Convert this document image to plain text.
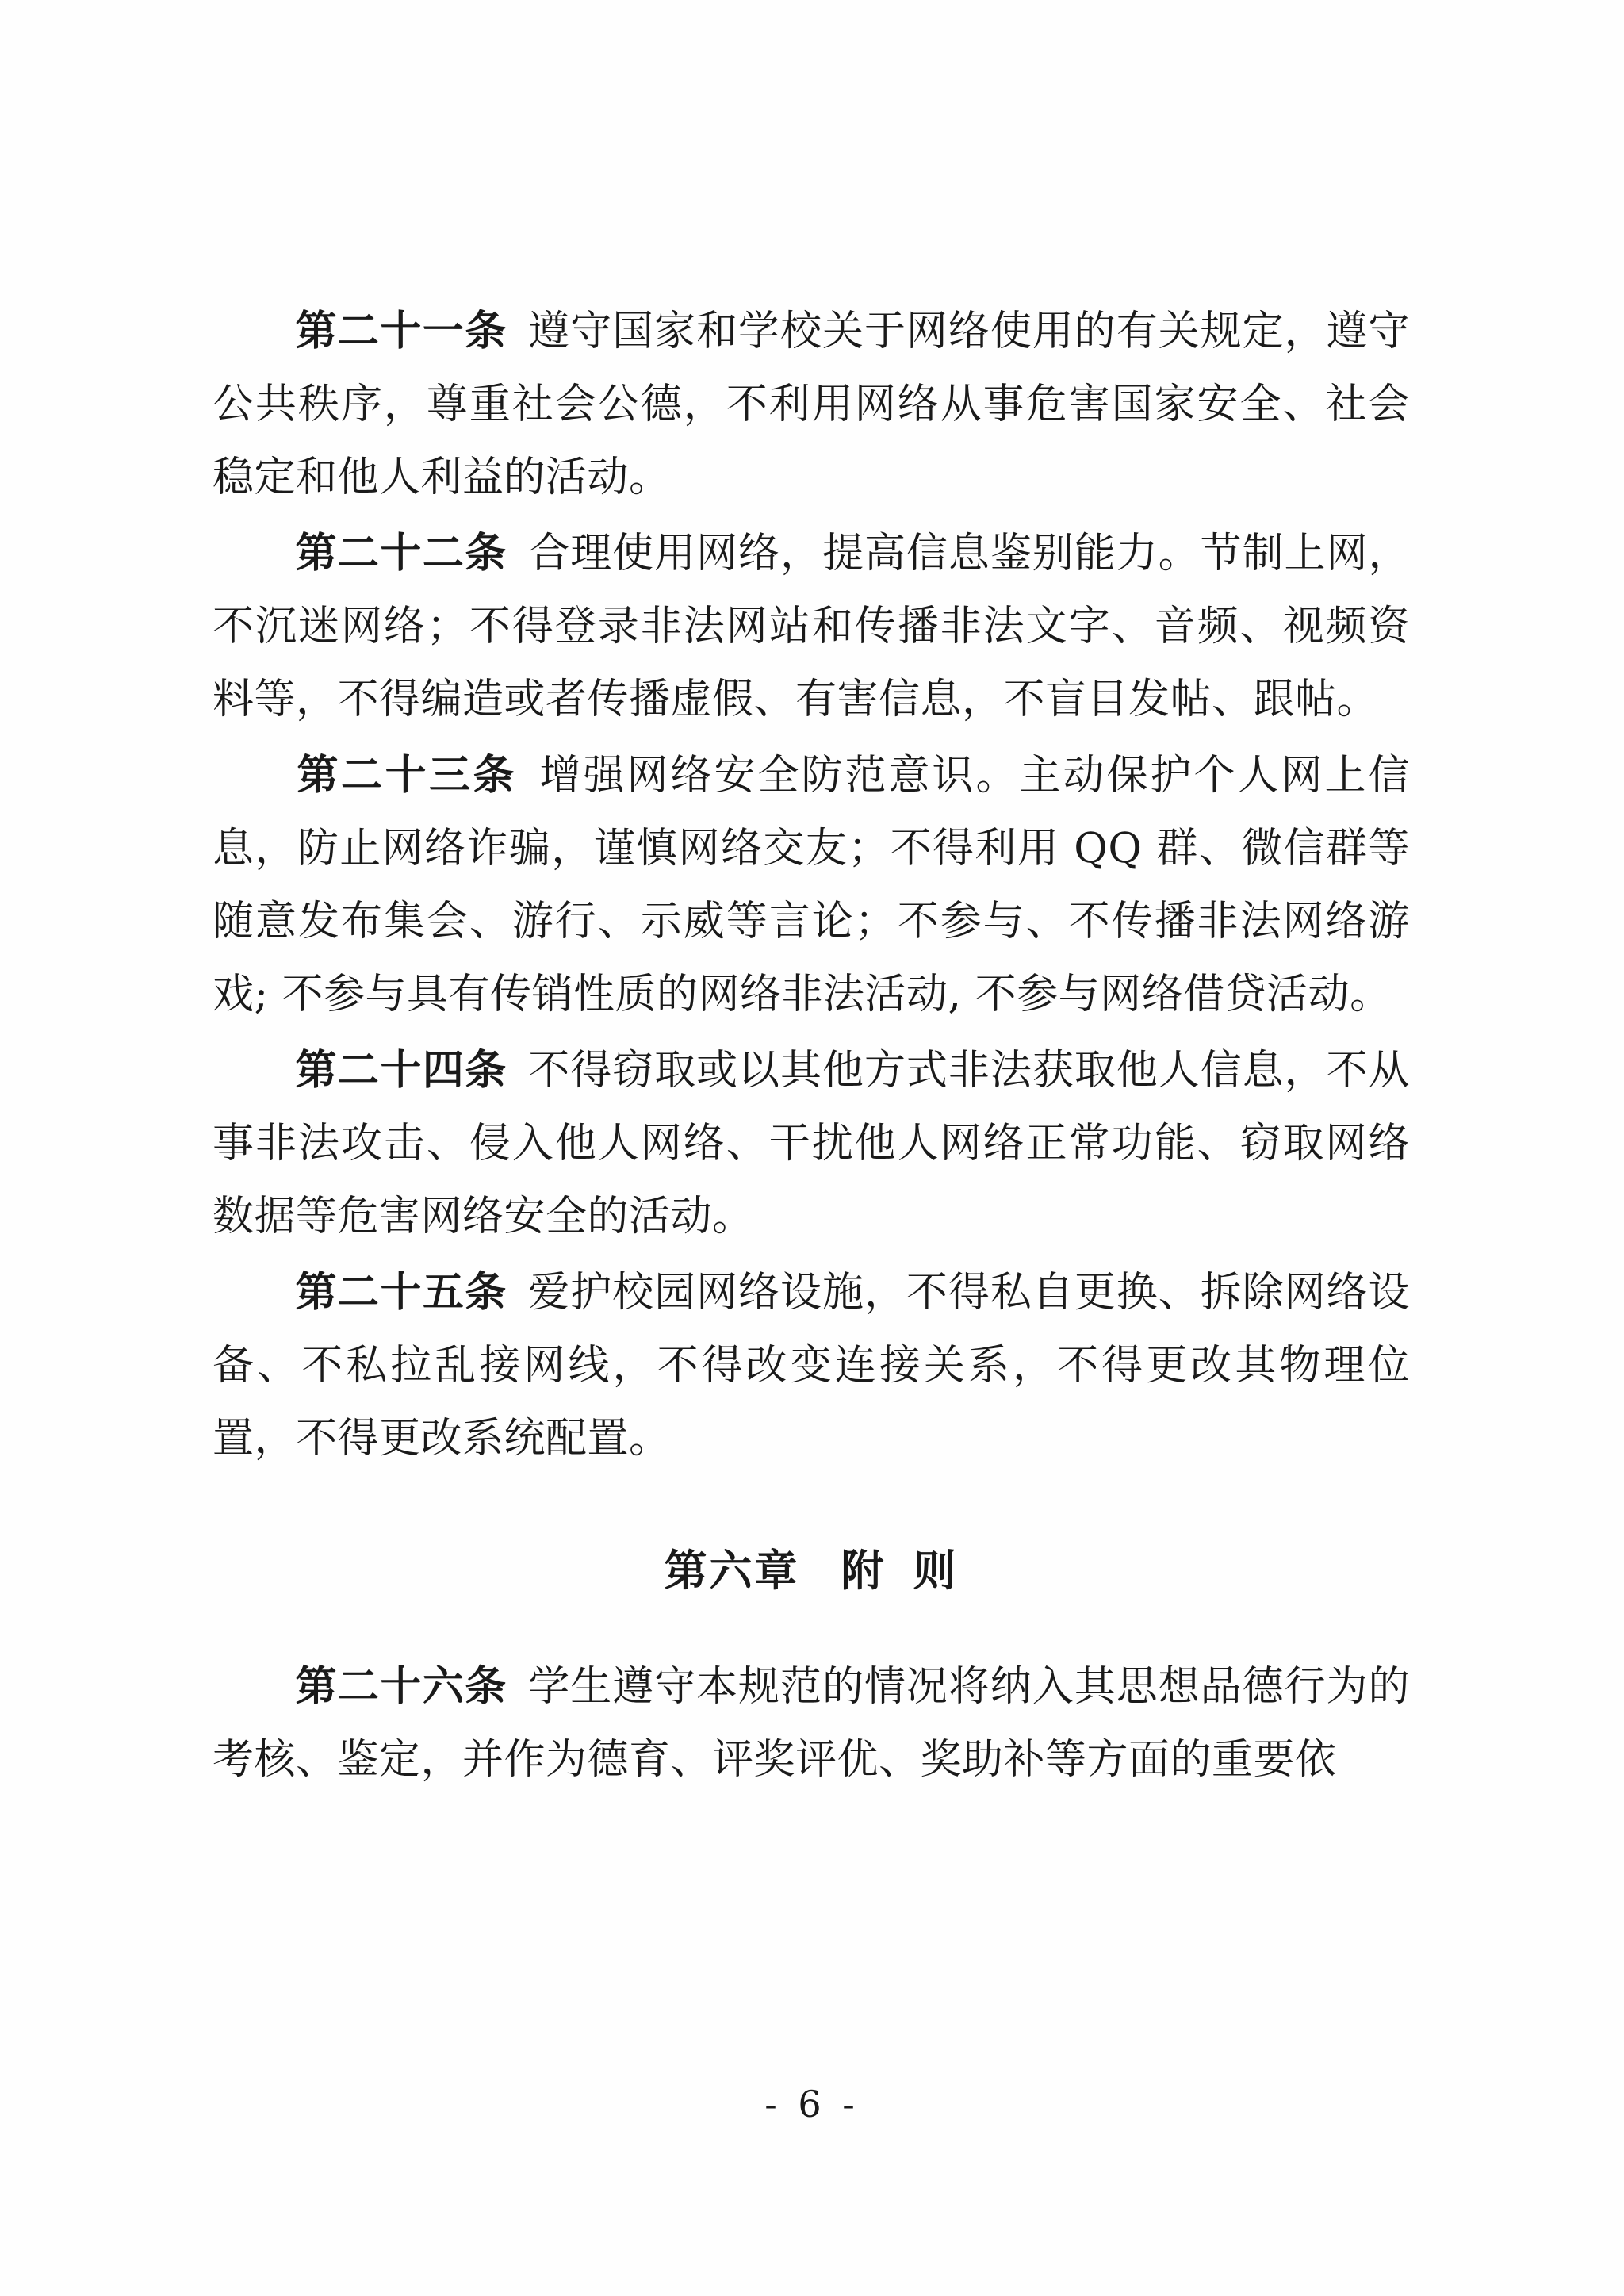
第二十一条 遵守国家和学校关于网络使用的有关规定，遵守公共秩序，尊重社会公德，不利用网络从事危害国家安全、社会稳定和他人利益的活动。

第二十二条 合理使用网络，提高信息鉴别能力。节制上网，不沉迷网络；不得登录非法网站和传播非法文字、音频、视频资料等，不得编造或者传播虚假、有害信息，不盲目发帖、跟帖。

第二十三条 增强网络安全防范意识。主动保护个人网上信息，防止网络诈骗，谨慎网络交友；不得利用 QQ 群、微信群等随意发布集会、游行、示威等言论；不参与、不传播非法网络游戏; 不参与具有传销性质的网络非法活动, 不参与网络借贷活动。

第二十四条 不得窃取或以其他方式非法获取他人信息，不从事非法攻击、侵入他人网络、干扰他人网络正常功能、窃取网络数据等危害网络安全的活动。

第二十五条 爱护校园网络设施，不得私自更换、拆除网络设备、不私拉乱接网线，不得改变连接关系，不得更改其物理位置，不得更改系统配置。

第六章 附 则

第二十六条 学生遵守本规范的情况将纳入其思想品德行为的考核、鉴定，并作为德育、评奖评优、奖助补等方面的重要依

- 6 -
